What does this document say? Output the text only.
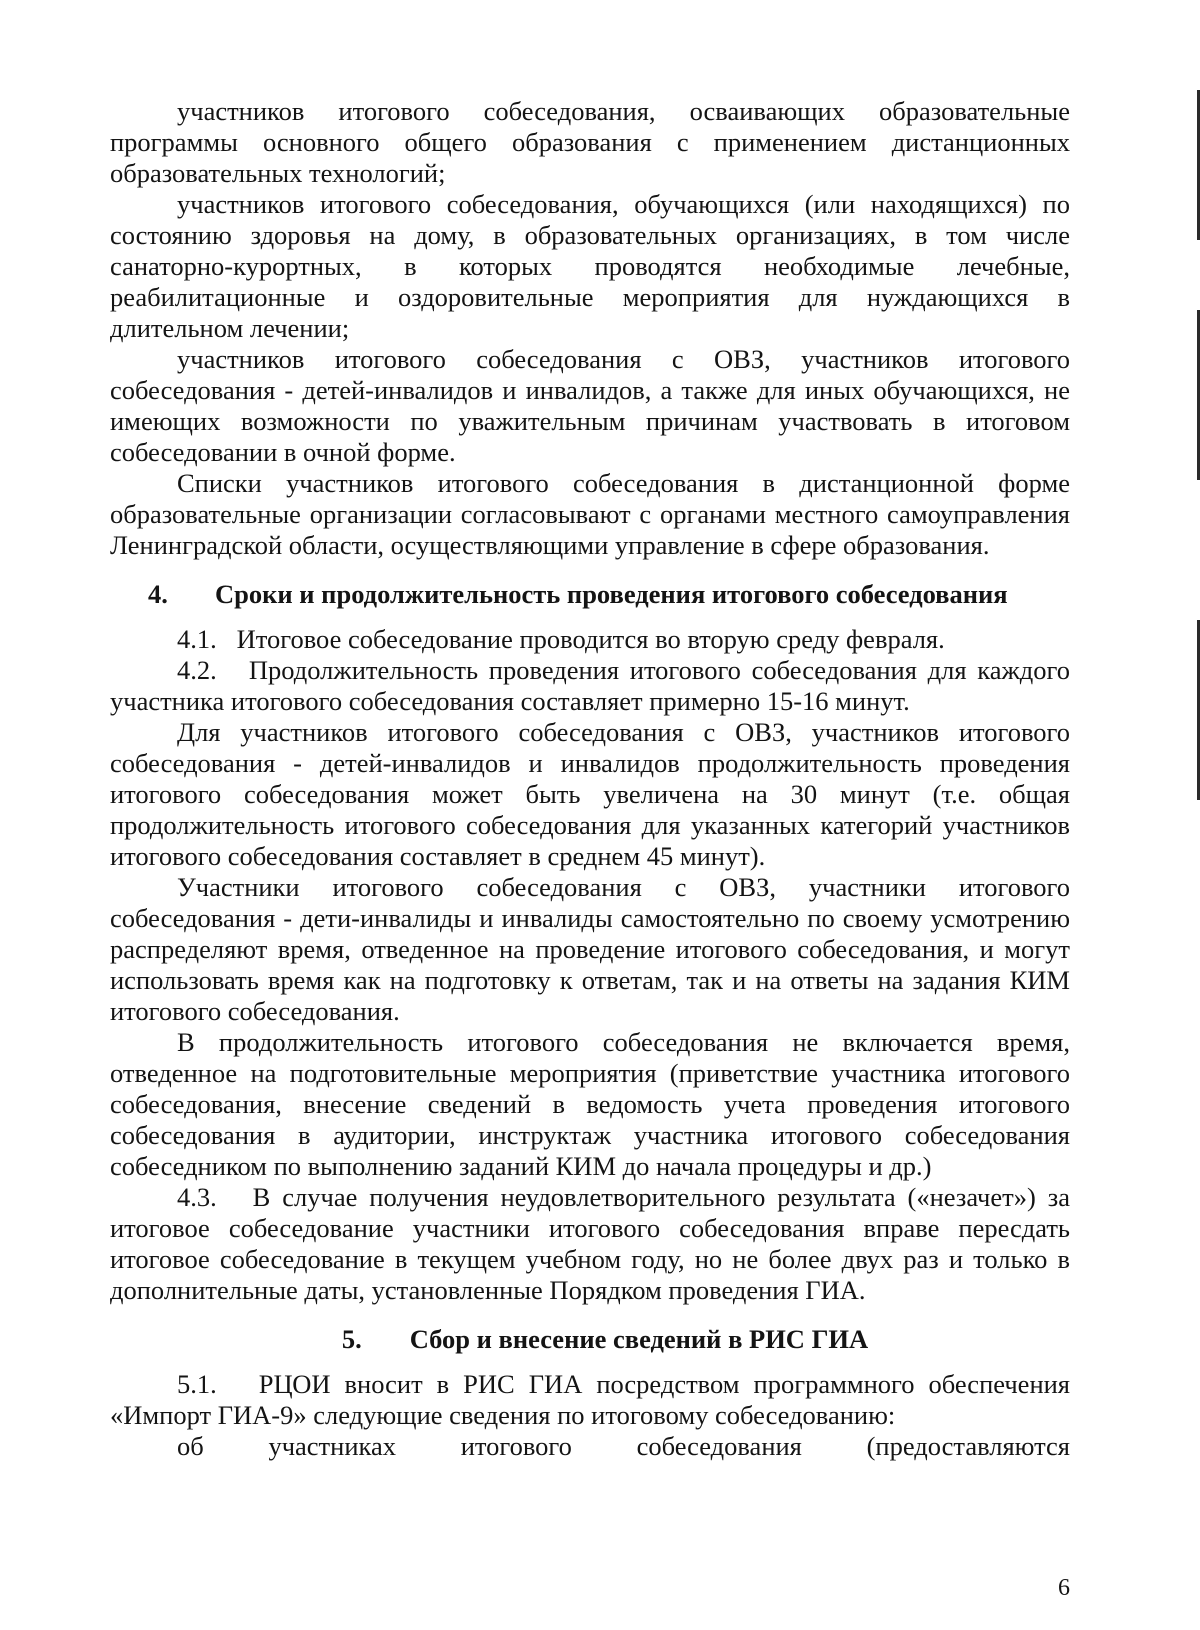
участников итогового собеседования, осваивающих образовательные программы основного общего образования с применением дистанционных образовательных технологий;

участников итогового собеседования, обучающихся (или находящихся) по состоянию здоровья на дому, в образовательных организациях, в том числе санаторно-курортных, в которых проводятся необходимые лечебные, реабилитационные и оздоровительные мероприятия для нуждающихся в длительном лечении;

участников итогового собеседования с ОВЗ, участников итогового собеседования - детей-инвалидов и инвалидов, а также для иных обучающихся, не имеющих возможности по уважительным причинам участвовать в итоговом собеседовании в очной форме.

Списки участников итогового собеседования в дистанционной форме образовательные организации согласовывают с органами местного самоуправления Ленинградской области, осуществляющими управление в сфере образования.

4.	Сроки и продолжительность проведения итогового собеседования

4.1.   Итоговое собеседование проводится во вторую среду февраля.

4.2.   Продолжительность проведения итогового собеседования для каждого участника итогового собеседования составляет примерно 15-16 минут.

Для участников итогового собеседования с ОВЗ, участников итогового собеседования - детей-инвалидов и инвалидов продолжительность проведения итогового собеседования может быть увеличена на 30 минут (т.е. общая продолжительность итогового собеседования для указанных категорий участников итогового собеседования составляет в среднем 45 минут).

Участники итогового собеседования с ОВЗ, участники итогового собеседования - дети-инвалиды и инвалиды самостоятельно по своему усмотрению распределяют время, отведенное на проведение итогового собеседования, и могут использовать время как на подготовку к ответам, так и на ответы на задания КИМ итогового собеседования.

В продолжительность итогового собеседования не включается время, отведенное на подготовительные мероприятия (приветствие участника итогового собеседования, внесение сведений в ведомость учета проведения итогового собеседования в аудитории, инструктаж участника итогового собеседования собеседником по выполнению заданий КИМ до начала процедуры и др.)

4.3.   В случае получения неудовлетворительного результата («незачет») за итоговое собеседование участники итогового собеседования вправе пересдать итоговое собеседование в текущем учебном году, но не более двух раз и только в дополнительные даты, установленные Порядком проведения ГИА.

5. Сбор и внесение сведений в РИС ГИА

5.1.   РЦОИ вносит в РИС ГИА посредством программного обеспечения «Импорт ГИА-9» следующие сведения по итоговому собеседованию:

об участниках итогового собеседования (предоставляются
6
